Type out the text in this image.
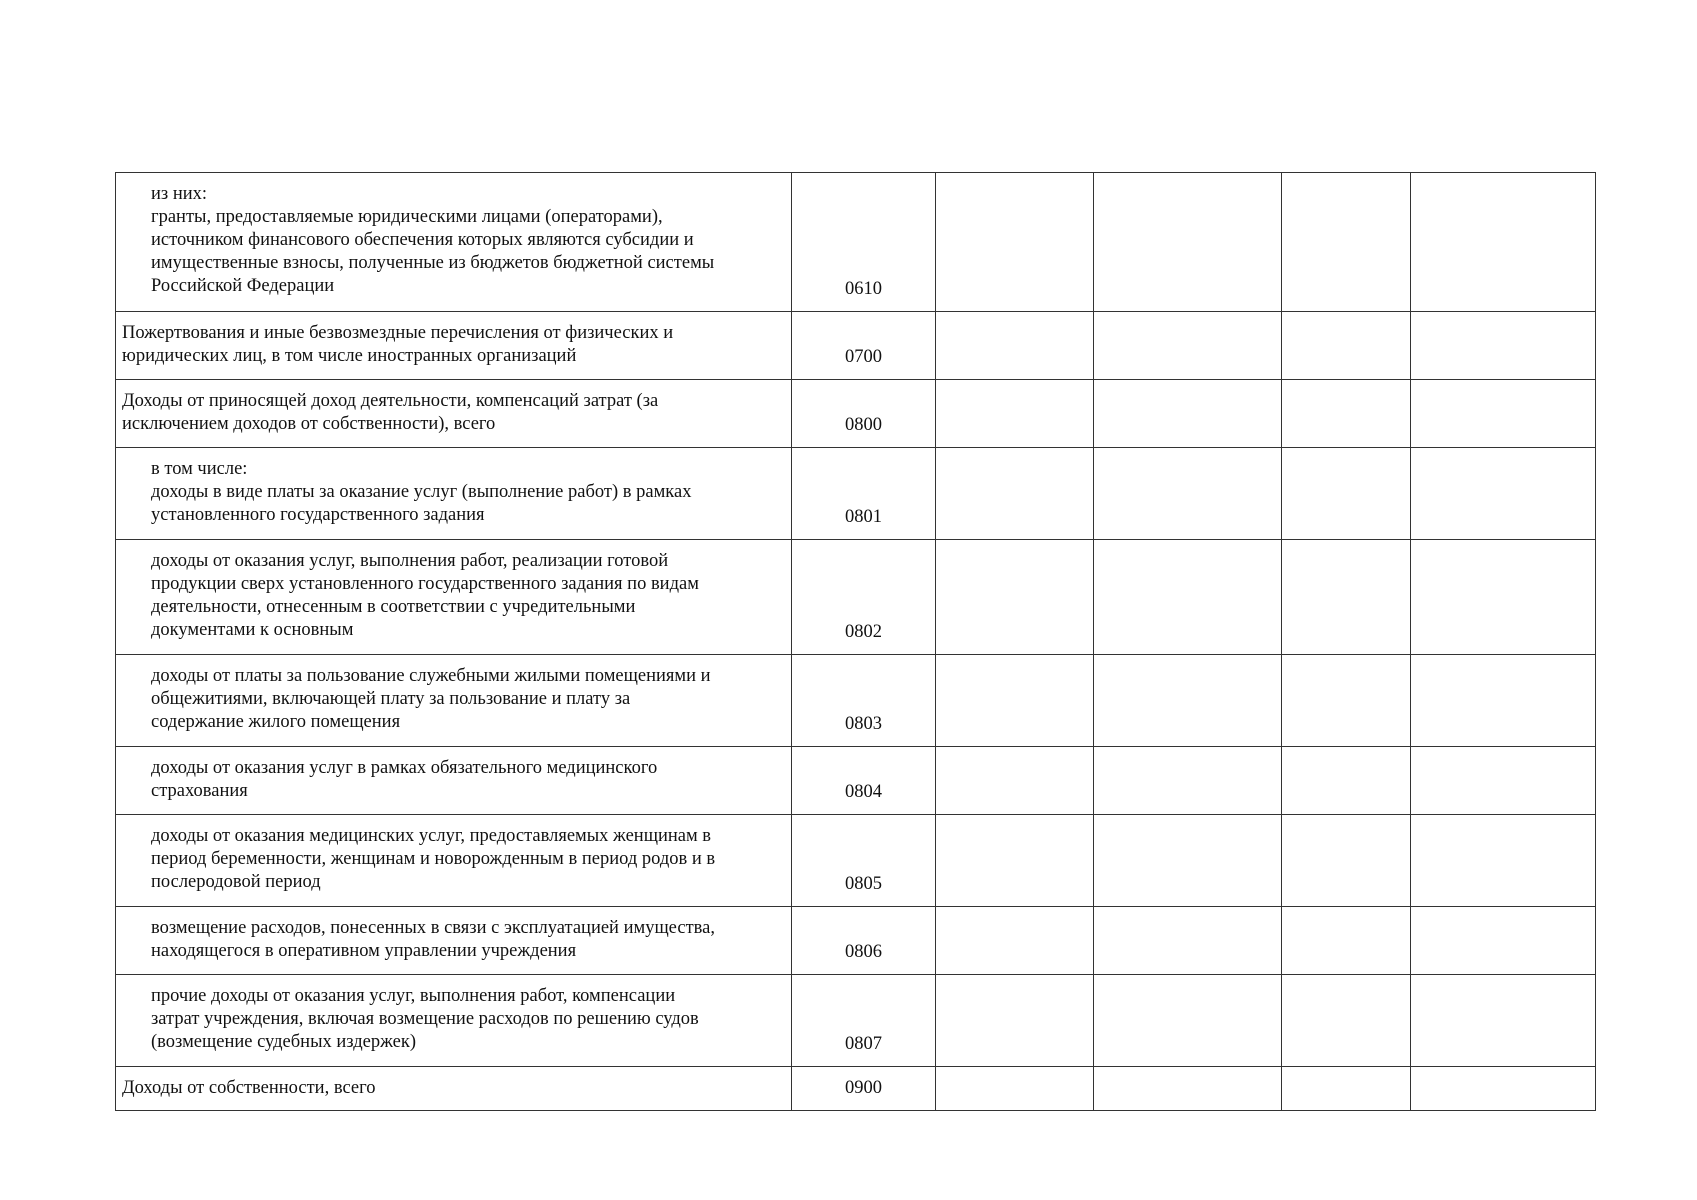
из них:
гранты, предоставляемые юридическими лицами (операторами),
источником финансового обеспечения которых являются субсидии и
имущественные взносы, полученные из бюджетов бюджетной системы
Российской Федерации	0610				

Пожертвования и иные безвозмездные перечисления от физических и
юридических лиц, в том числе иностранных организаций	0700				

Доходы от приносящей доход деятельности, компенсаций затрат (за
исключением доходов от собственности), всего	0800				

в том числе:
доходы в виде платы за оказание услуг (выполнение работ) в рамках
установленного государственного задания	0801				

доходы от оказания услуг, выполнения работ, реализации готовой
продукции сверх установленного государственного задания по видам
деятельности, отнесенным в соответствии с учредительными
документами к основным	0802				

доходы от платы за пользование служебными жилыми помещениями и
общежитиями, включающей плату за пользование и плату за
содержание жилого помещения	0803				

доходы от оказания услуг в рамках обязательного медицинского
страхования	0804				

доходы от оказания медицинских услуг, предоставляемых женщинам в
период беременности, женщинам и новорожденным в период родов и в
послеродовой период	0805				

возмещение расходов, понесенных в связи с эксплуатацией имущества,
находящегося в оперативном управлении учреждения	0806				

прочие доходы от оказания услуг, выполнения работ, компенсации
затрат учреждения, включая возмещение расходов по решению судов
(возмещение судебных издержек)	0807				

Доходы от собственности, всего	0900				
